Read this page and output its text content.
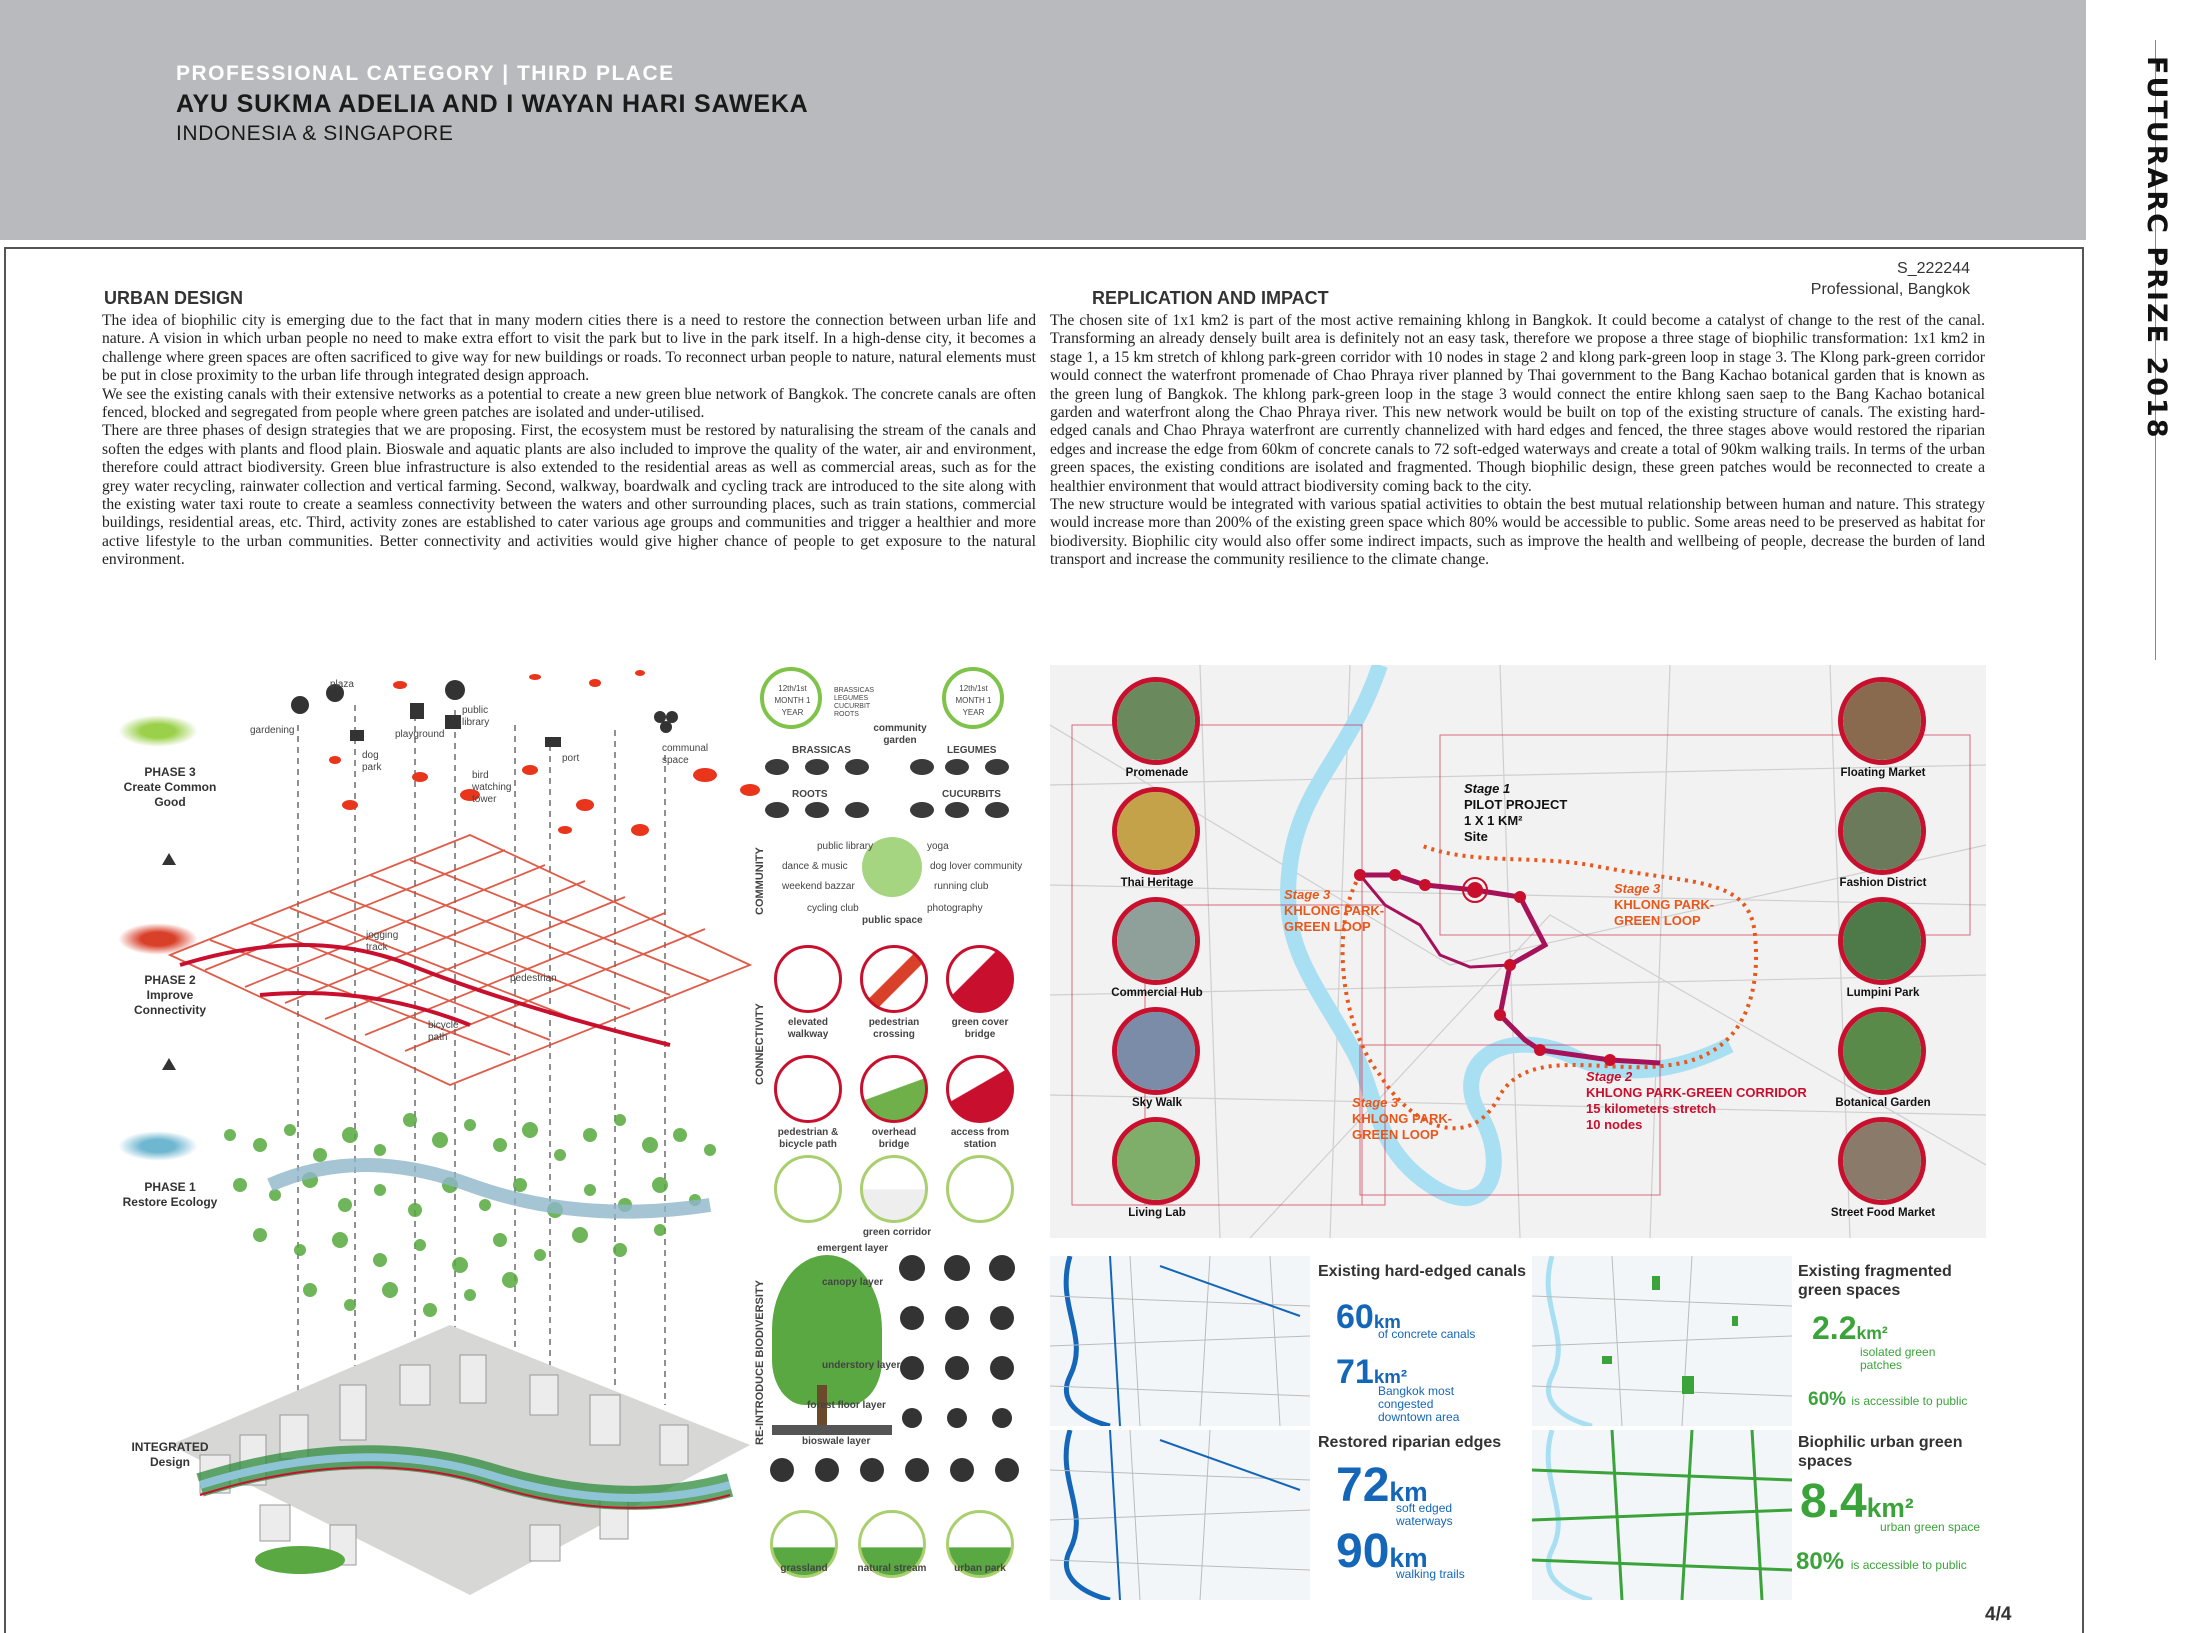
PROFESSIONAL CATEGORY | THIRD PLACE
AYU SUKMA ADELIA AND I WAYAN HARI SAWEKA
INDONESIA & SINGAPORE	FUTURARC PRIZE 2018
S_222244
Professional, Bangkok
URBAN DESIGN

The idea of biophilic city is emerging due to the fact that in many modern cities there is a need to restore the connection between urban life and nature. A vision in which urban people no need to make extra effort to visit the park but to live in the park itself. In a high-dense city, it becomes a challenge where green spaces are often sacrificed to give way for new buildings or roads. To reconnect urban people to nature, natural elements must be put in close proximity to the urban life through integrated design approach.

We see the existing canals with their extensive networks as a potential to create a new green blue network of Bangkok. The concrete canals are often fenced, blocked and segregated from people where green patches are isolated and under-utilised.

There are three phases of design strategies that we are proposing. First, the ecosystem must be restored by naturalising the stream of the canals and soften the edges with plants and flood plain. Bioswale and aquatic plants are also included to improve the quality of the water, air and environment, therefore could attract biodiversity. Green blue infrastructure is also extended to the residential areas as well as commercial areas, such as for the grey water recycling, rainwater collection and vertical farming. Second, walkway, boardwalk and cycling track are introduced to the site along with the existing water taxi route to create a seamless connectivity between the waters and other surrounding places, such as train stations, commercial buildings, residential areas, etc. Third, activity zones are established to cater various age groups and communities and trigger a healthier and more active lifestyle to the urban communities. Better connectivity and activities would give higher chance of people to get exposure to the natural environment.

REPLICATION AND IMPACT

The chosen site of 1x1 km2 is part of the most active remaining khlong in Bangkok. It could become a catalyst of change to the rest of the canal. Transforming an already densely built area is definitely not an easy task, therefore we propose a three stage of biophilic transformation: 1x1 km2 in stage 1, a 15 km stretch of khlong park-green corridor with 10 nodes in stage 2 and klong park-green loop in stage 3. The Klong park-green corridor would connect the waterfront promenade of Chao Phraya river planned by Thai government to the Bang Kachao botanical garden that is known as the green lung of Bangkok. The khlong park-green loop in the stage 3 would connect the entire khlong saen saep to the Bang Kachao botanical garden and waterfront along the Chao Phraya river. This new network would be built on top of the existing structure of canals. The existing hard-edged canals and Chao Phraya waterfront are currently channelized with hard edges and fenced, the three stages above would restored the riparian edges and increase the edge from 60km of concrete canals to 72 soft-edged waterways and create a total of 90km walking trails. In terms of the urban green spaces, the existing conditions are isolated and fragmented. Though biophilic design, these green patches would be reconnected to create a healthier environment that would attract biodiversity coming back to the city.

The new structure would be integrated with various spatial activities to obtain the best mutual relationship between human and nature. This strategy would increase more than 200% of the existing green space which 80% would be accessible to public. Some areas need to be preserved as habitat for biodiversity. Biophilic city would also offer some indirect impacts, such as improve the health and wellbeing of people, decrease the burden of land transport and increase the community resilience to the climate change.

PHASE 3
Create Common Good
PHASE 2
Improve Connectivity
PHASE 1
Restore Ecology
INTEGRATED
Design
plaza
gardening
dog park
playground
public library
bird watching tower
port
communal space
jogging track
pedestrian
bicycle path
12th/1st MONTH 1 YEAR
BRASSICAS
LEGUMES
CUCURBIT
ROOTS
12th/1st MONTH 1 YEAR
community garden
BRASSICAS	LEGUMES
ROOTS	CUCURBITS
COMMUNITY
public library	yoga
dance & music	dog lover community
weekend bazzar	running club
cycling club	photography
public space
CONNECTIVITY	elevated walkway
pedestrian crossing
green cover bridge
pedestrian & bicycle path
overhead bridge
access from station
green corridor
RE-INTRODUCE BIODIVERSITY
emergent layer
canopy layer
understory layer
forest floor layer
bioswale layer
grassland	natural stream	urban park
Promenade
Thai Heritage
Commercial Hub
Sky Walk
Living Lab
Floating Market
Fashion District
Lumpini Park
Botanical Garden
Street Food Market
Stage 1
PILOT PROJECT
1 X 1 KM²
Site
Stage 3
KHLONG PARK-
GREEN LOOP
Stage 3
KHLONG PARK-
GREEN LOOP
Stage 3
KHLONG PARK-
GREEN LOOP
Stage 2
KHLONG PARK-GREEN CORRIDOR
15 kilometers stretch
10 nodes
Existing hard-edged canals
60km
of concrete canals
71km²
Bangkok most congested downtown area
Existing fragmented green spaces
2.2km²
isolated green patches
60% is accessible to public
Restored riparian edges
72km
soft edged waterways
90km
walking trails
Biophilic urban green spaces
8.4km²
urban green space
80% is accessible to public
4/4
